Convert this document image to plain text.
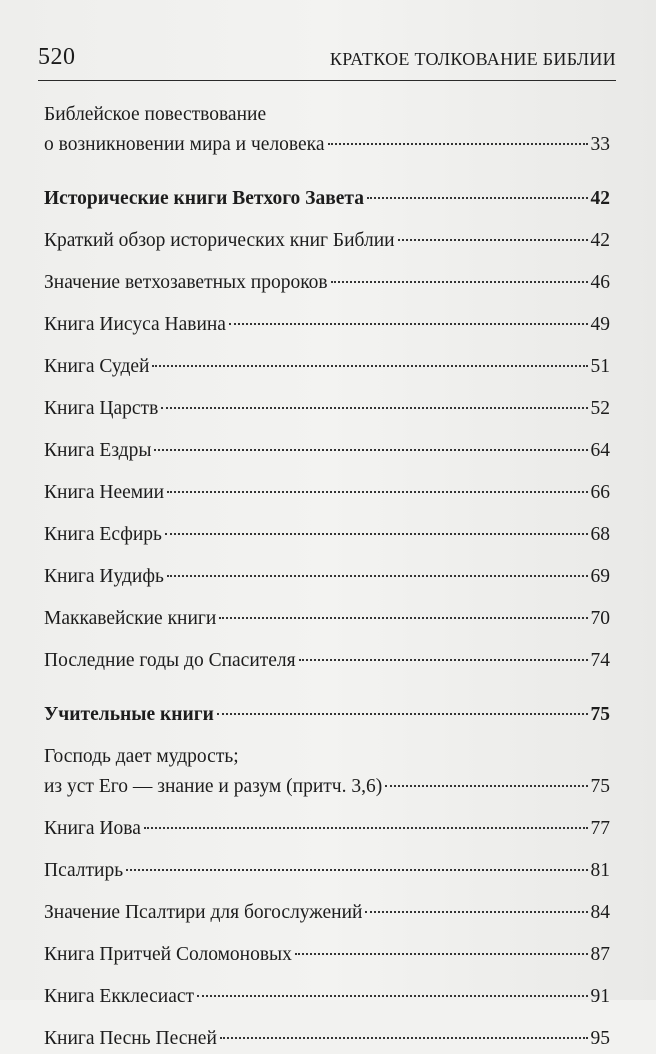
520	КРАТКОЕ ТОЛКОВАНИЕ БИБЛИИ
Библейское повествование
о возникновении мира и человека	33
Исторические книги Ветхого Завета	42
Краткий обзор исторических книг Библии	42
Значение ветхозаветных пророков	46
Книга Иисуса Навина	49
Книга Судей	51
Книга Царств	52
Книга Ездры	64
Книга Неемии	66
Книга Есфирь	68
Книга Иудифь	69
Маккавейские книги	70
Последние годы до Спасителя	74
Учительные книги	75
Господь дает мудрость;
из уст Его — знание и разум (притч. 3,6)	75
Книга Иова	77
Псалтирь	81
Значение Псалтири для богослужений	84
Книга Притчей Соломоновых	87
Книга Екклесиаст	91
Книга Песнь Песней	95
